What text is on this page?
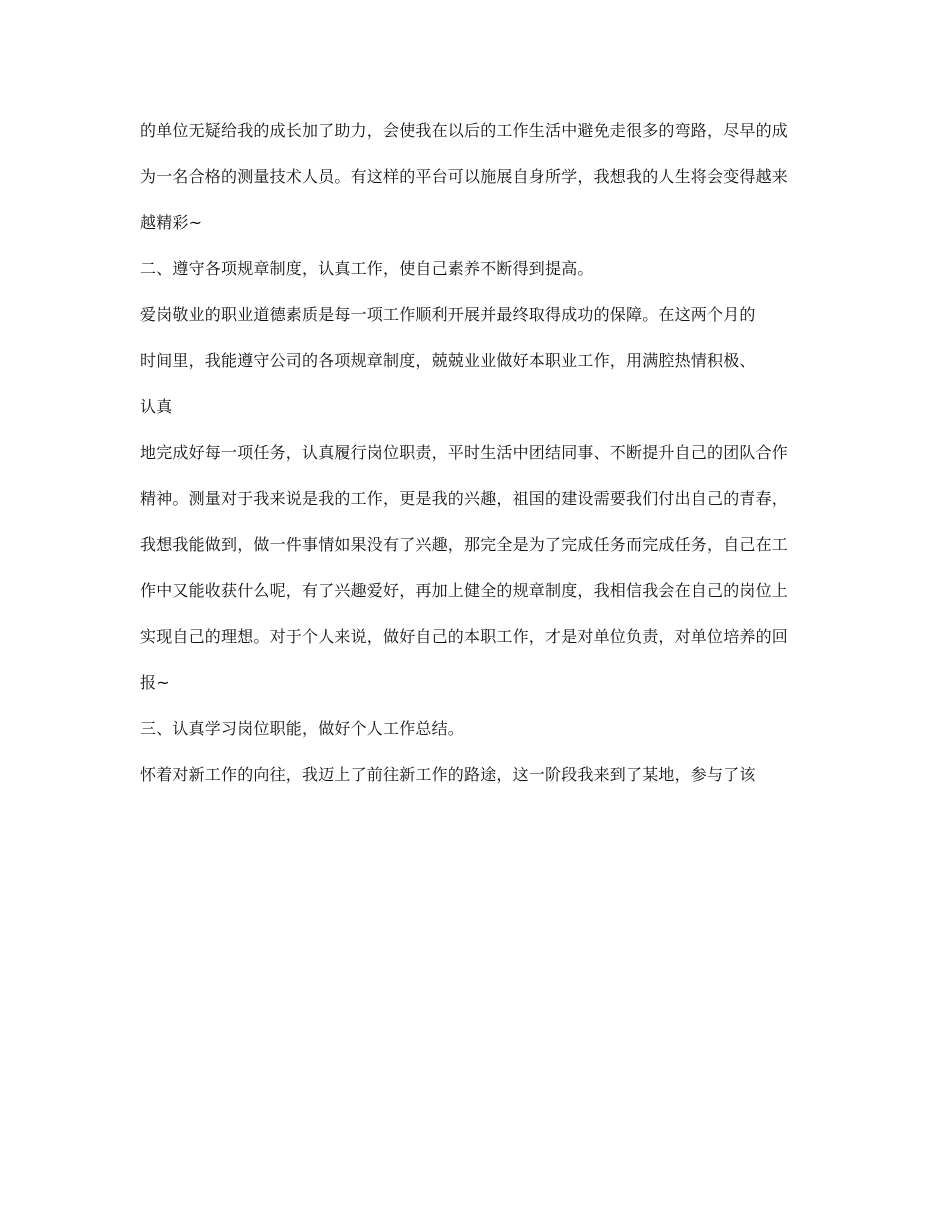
的单位无疑给我的成长加了助力，会使我在以后的工作生活中避免走很多的弯路，尽早的成

为一名合格的测量技术人员。有这样的平台可以施展自身所学，我想我的人生将会变得越来

越精彩~

二、遵守各项规章制度，认真工作，使自己素养不断得到提高。

爱岗敬业的职业道德素质是每一项工作顺利开展并最终取得成功的保障。在这两个月的

时间里，我能遵守公司的各项规章制度，兢兢业业做好本职业工作，用满腔热情积极、

认真

地完成好每一项任务，认真履行岗位职责，平时生活中团结同事、不断提升自己的团队合作

精神。测量对于我来说是我的工作，更是我的兴趣，祖国的建设需要我们付出自己的青春，

我想我能做到，做一件事情如果没有了兴趣，那完全是为了完成任务而完成任务，自己在工

作中又能收获什么呢，有了兴趣爱好，再加上健全的规章制度，我相信我会在自己的岗位上

实现自己的理想。对于个人来说，做好自己的本职工作，才是对单位负责，对单位培养的回

报~

三、认真学习岗位职能，做好个人工作总结。

怀着对新工作的向往，我迈上了前往新工作的路途，这一阶段我来到了某地，参与了该
